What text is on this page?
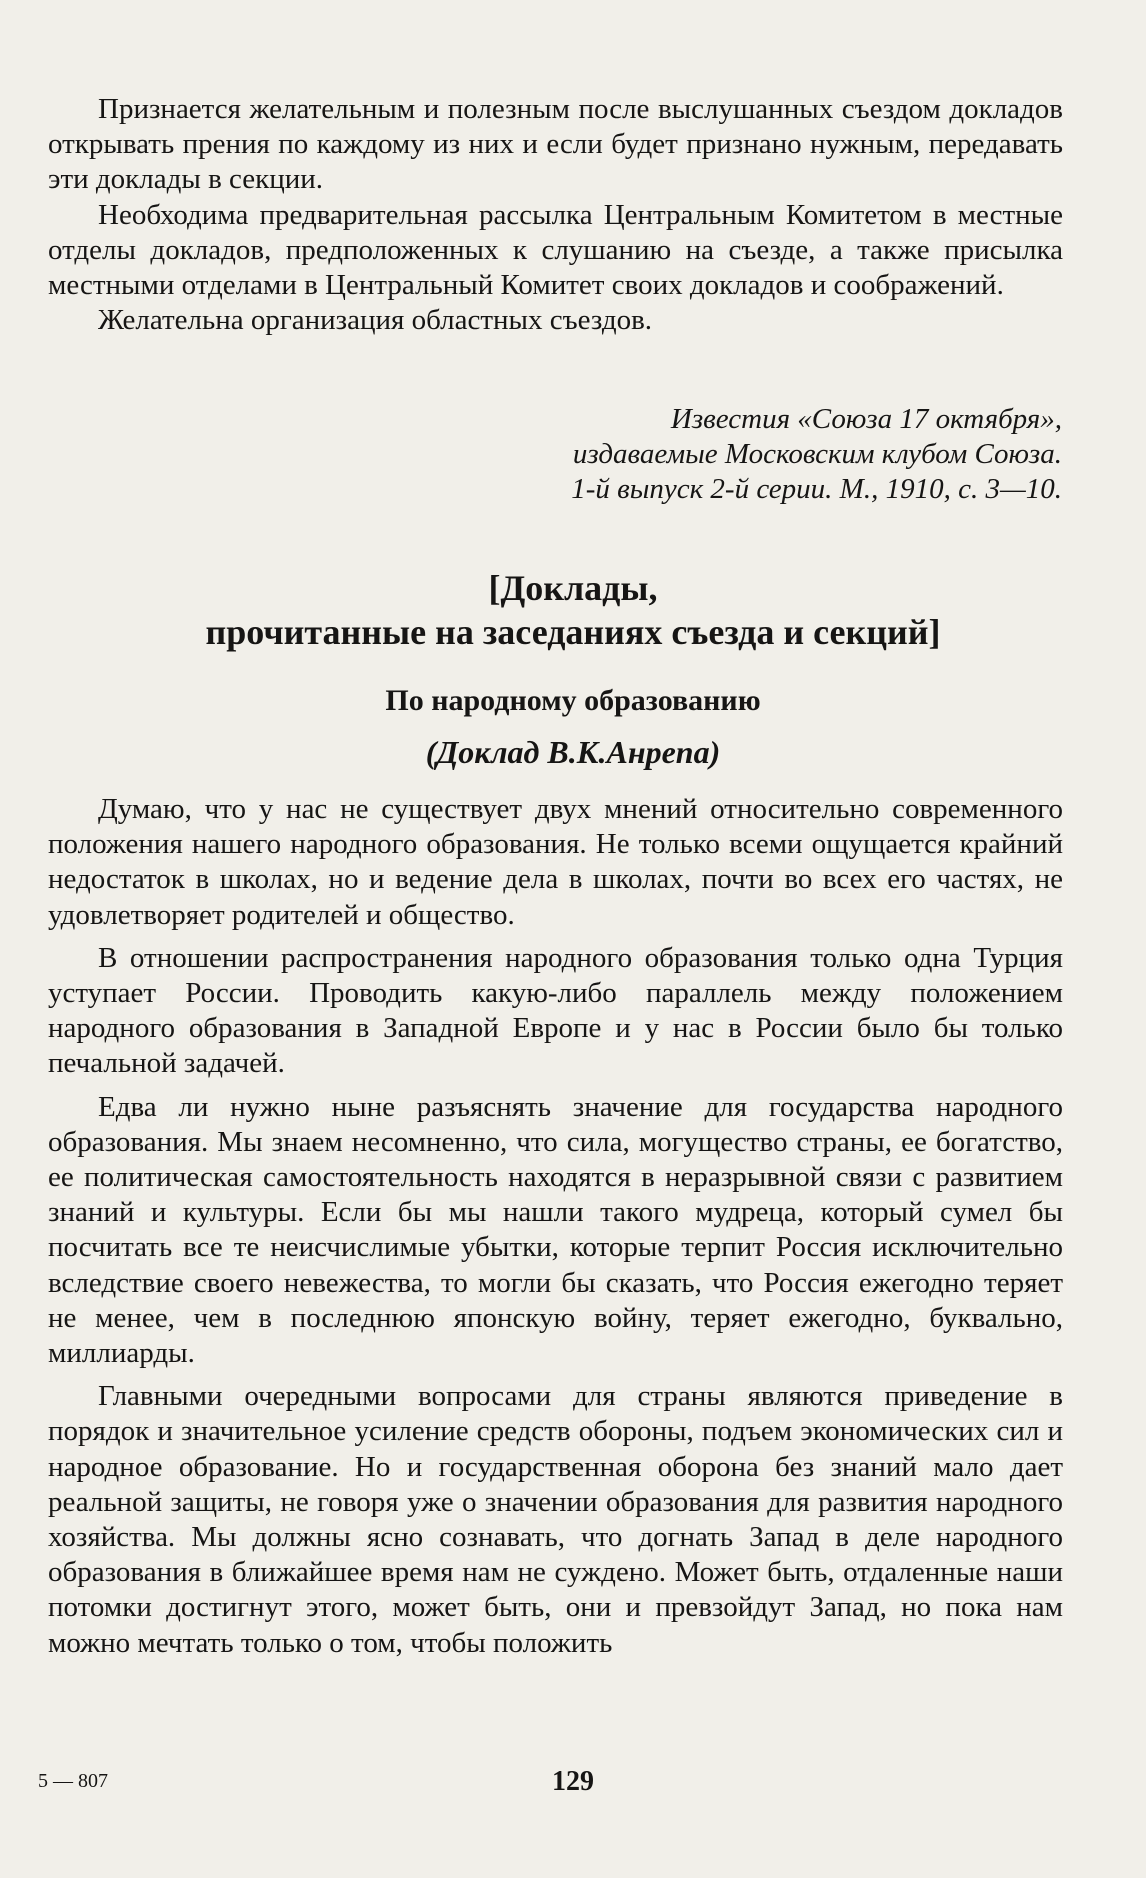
Признается желательным и полезным после выслушанных съездом докладов открывать прения по каждому из них и если будет признано нужным, передавать эти доклады в секции.

Необходима предварительная рассылка Центральным Комитетом в местные отделы докладов, предположенных к слушанию на съезде, а также присылка местными отделами в Центральный Комитет своих докладов и соображений.

Желательна организация областных съездов.

Известия «Союза 17 октября»,
издаваемые Московским клубом Союза.
1-й выпуск 2-й серии. М., 1910, с. 3—10.
[Доклады,
прочитанные на заседаниях съезда и секций]
По народному образованию
(Доклад В.К.Анрепа)

Думаю, что у нас не существует двух мнений относительно современного положения нашего народного образования. Не только всеми ощущается крайний недостаток в школах, но и ведение дела в школах, почти во всех его частях, не удовлетворяет родителей и общество.

В отношении распространения народного образования только одна Турция уступает России. Проводить какую-либо параллель между положением народного образования в Западной Европе и у нас в России было бы только печальной задачей.

Едва ли нужно ныне разъяснять значение для государства народного образования. Мы знаем несомненно, что сила, могущество страны, ее богатство, ее политическая самостоятельность находятся в неразрывной связи с развитием знаний и культуры. Если бы мы нашли такого мудреца, который сумел бы посчитать все те неисчислимые убытки, которые терпит Россия исключительно вследствие своего невежества, то могли бы сказать, что Россия ежегодно теряет не менее, чем в последнюю японскую войну, теряет ежегодно, буквально, миллиарды.

Главными очередными вопросами для страны являются приведение в порядок и значительное усиление средств обороны, подъем экономических сил и народное образование. Но и государственная оборона без знаний мало дает реальной защиты, не говоря уже о значении образования для развития народного хозяйства. Мы должны ясно сознавать, что догнать Запад в деле народного образования в ближайшее время нам не суждено. Может быть, отдаленные наши потомки достигнут этого, может быть, они и превзойдут Запад, но пока нам можно мечтать только о том, чтобы положить

5 — 807	129
